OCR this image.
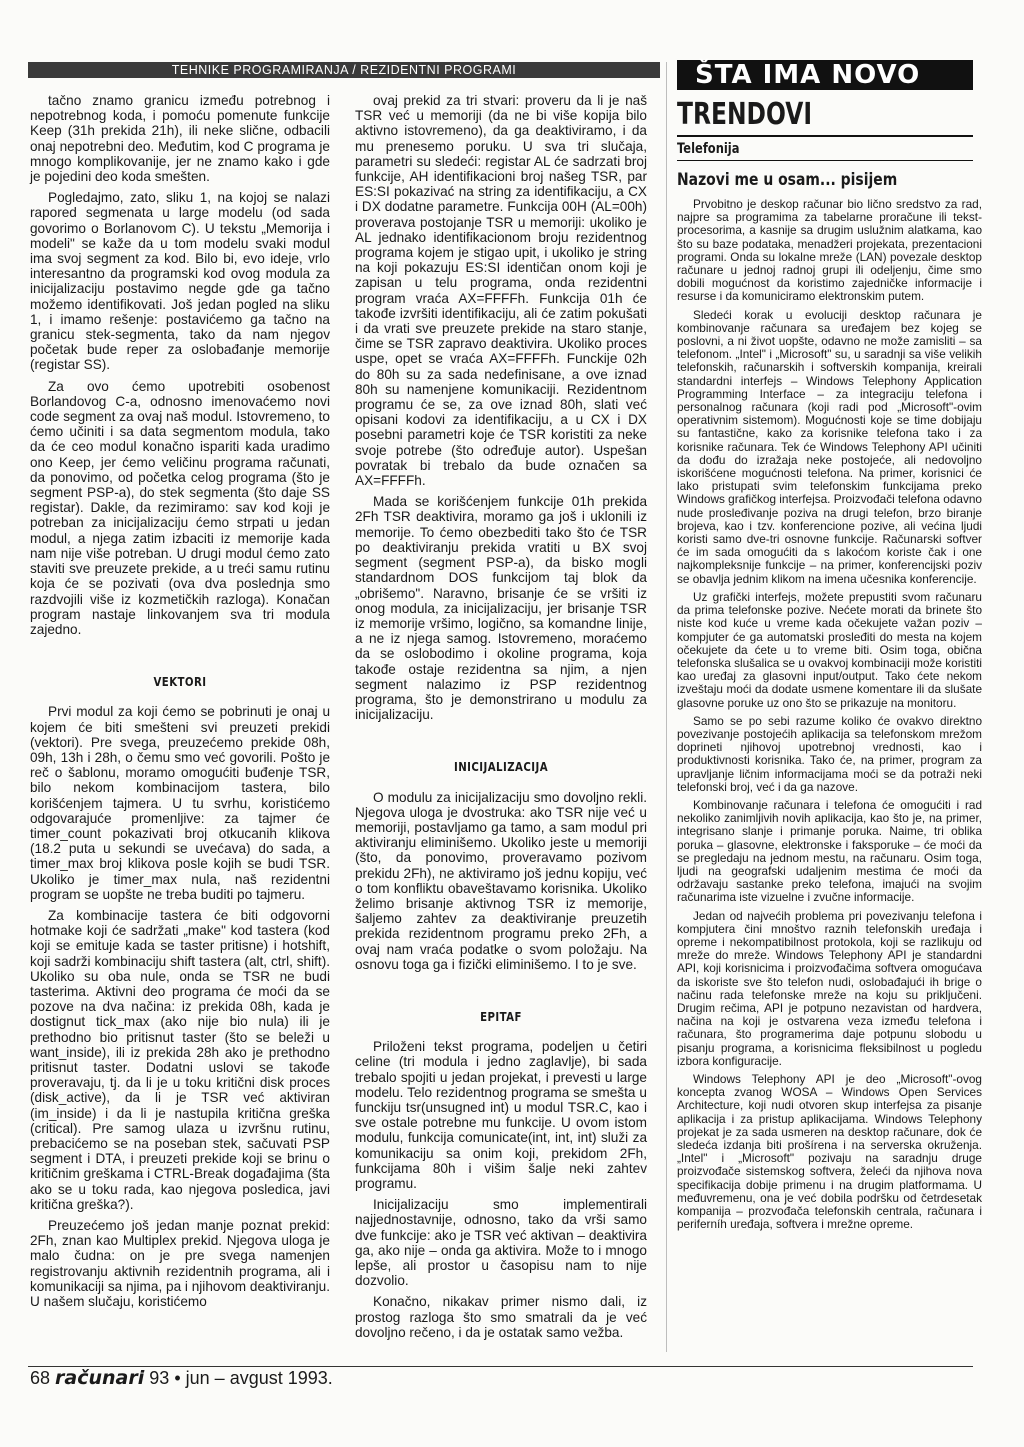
TEHNIKE PROGRAMIRANJA / REZIDENTNI PROGRAMI	ŠTA IMA NOVO

tačno znamo granicu između potrebnog i nepotrebnog koda, i pomoću pomenute funkcije Keep (31h prekida 21h), ili neke slične, odbacili onaj nepotrebni deo. Međutim, kod C programa je mnogo komplikovanije, jer ne znamo kako i gde je pojedini deo koda smešten.

Pogledajmo, zato, sliku 1, na kojoj se nalazi rapored segmenata u large modelu (od sada govorimo o Borlanovom C). U tekstu „Memorija i modeli" se kaže da u tom modelu svaki modul ima svoj segment za kod. Bilo bi, evo ideje, vrlo interesantno da programski kod ovog modula za inicijalizaciju postavimo negde gde ga tačno možemo identifikovati. Još jedan pogled na sliku 1, i imamo rešenje: postavićemo ga tačno na granicu stek-segmenta, tako da nam njegov početak bude reper za oslobađanje memorije (registar SS).

Za ovo ćemo upotrebiti osobenost Borlandovog C-a, odnosno imenovaćemo novi code segment za ovaj naš modul. Istovremeno, to ćemo učiniti i sa data segmentom modula, tako da će ceo modul konačno ispariti kada uradimo ono Keep, jer ćemo veličinu programa računati, da ponovimo, od početka celog programa (što je segment PSP-a), do stek segmenta (što daje SS registar). Dakle, da rezimiramo: sav kod koji je potreban za inicijalizaciju ćemo strpati u jedan modul, a njega zatim izbaciti iz memorije kada nam nije više potreban. U drugi modul ćemo zato staviti sve preuzete prekide, a u treći samu rutinu koja će se pozivati (ova dva poslednja smo razdvojili više iz kozmetičkih razloga). Konačan program nastaje linkovanjem sva tri modula zajedno.

VEKTORI

Prvi modul za koji ćemo se pobrinuti je onaj u kojem će biti smešteni svi preuzeti prekidi (vektori). Pre svega, preuzećemo prekide 08h, 09h, 13h i 28h, o čemu smo već govorili. Pošto je reč o šablonu, moramo omogućiti buđenje TSR, bilo nekom kombinacijom tastera, bilo korišćenjem tajmera. U tu svrhu, koristićemo odgovarajuće promenljive: za tajmer će timer_count pokazivati broj otkucanih klikova (18.2 puta u sekundi se uvećava) do sada, a timer_max broj klikova posle kojih se budi TSR. Ukoliko je timer_max nula, naš rezidentni program se uopšte ne treba buditi po tajmeru.

Za kombinacije tastera će biti odgovorni hotmake koji će sadržati „make" kod tastera (kod koji se emituje kada se taster pritisne) i hotshift, koji sadrži kombinaciju shift tastera (alt, ctrl, shift). Ukoliko su oba nule, onda se TSR ne budi tasterima. Aktivni deo programa će moći da se pozove na dva načina: iz prekida 08h, kada je dostignut tick_max (ako nije bio nula) ili je prethodno bio pritisnut taster (što se beleži u want_inside), ili iz prekida 28h ako je prethodno pritisnut taster. Dodatni uslovi se takođe proveravaju, tj. da li je u toku kritični disk proces (disk_active), da li je TSR već aktiviran (im_inside) i da li je nastupila kritična greška (critical). Pre samog ulaza u izvršnu rutinu, prebacićemo se na poseban stek, sačuvati PSP segment i DTA, i preuzeti prekide koji se brinu o kritičnim greškama i CTRL-Break događajima (šta ako se u toku rada, kao njegova posledica, javi kritična greška?).

Preuzećemo još jedan manje poznat prekid: 2Fh, znan kao Multiplex prekid. Njegova uloga je malo čudna: on je pre svega namenjen registrovanju aktivnih rezidentnih programa, ali i komunikaciji sa njima, pa i njihovom deaktiviranju. U našem slučaju, koristićemo

ovaj prekid za tri stvari: proveru da li je naš TSR već u memoriji (da ne bi više kopija bilo aktivno istovremeno), da ga deaktiviramo, i da mu prenesemo poruku. U sva tri slučaja, parametri su sledeći: registar AL će sadrzati broj funkcije, AH identifikacioni broj našeg TSR, par ES:SI pokazivać na string za identifikaciju, a CX i DX dodatne parametre. Funkcija 00H (AL=00h) proverava postojanje TSR u memoriji: ukoliko je AL jednako identifikacionom broju rezidentnog programa kojem je stigao upit, i ukoliko je string na koji pokazuju ES:SI identičan onom koji je zapisan u telu programa, onda rezidentni program vraća AX=FFFFh. Funkcija 01h će takođe izvršiti identifikaciju, ali će zatim pokušati i da vrati sve preuzete prekide na staro stanje, čime se TSR zapravo deaktivira. Ukoliko proces uspe, opet se vraća AX=FFFFh. Funckije 02h do 80h su za sada nedefinisane, a ove iznad 80h su namenjene komunikaciji. Rezidentnom programu će se, za ove iznad 80h, slati već opisani kodovi za identifikaciju, a u CX i DX posebni parametri koje će TSR koristiti za neke svoje potrebe (što određuje autor). Uspešan povratak bi trebalo da bude označen sa AX=FFFFh.

Mada se korišćenjem funkcije 01h prekida 2Fh TSR deaktivira, moramo ga još i uklonili iz memorije. To ćemo obezbediti tako što će TSR po deaktiviranju prekida vratiti u BX svoj segment (segment PSP-a), da bisko mogli standardnom DOS funkcijom taj blok da „obrišemo". Naravno, brisanje će se vršiti iz onog modula, za inicijalizaciju, jer brisanje TSR iz memorije vršimo, logično, sa komandne linije, a ne iz njega samog. Istovremeno, moraćemo da se oslobodimo i okoline programa, koja takođe ostaje rezidentna sa njim, a njen segment nalazimo iz PSP rezidentnog programa, što je demonstrirano u modulu za inicijalizaciju.

INICIJALIZACIJA

O modulu za inicijalizaciju smo dovoljno rekli. Njegova uloga je dvostruka: ako TSR nije već u memoriji, postavljamo ga tamo, a sam modul pri aktiviranju eliminišemo. Ukoliko jeste u memoriji (što, da ponovimo, proveravamo pozivom prekidu 2Fh), ne aktiviramo još jednu kopiju, već o tom konfliktu obaveštavamo korisnika. Ukoliko želimo brisanje aktivnog TSR iz memorije, šaljemo zahtev za deaktiviranje preuzetih prekida rezidentnom programu preko 2Fh, a ovaj nam vraća podatke o svom položaju. Na osnovu toga ga i fizički eliminišemo. I to je sve.

EPITAF

Priloženi tekst programa, podeljen u četiri celine (tri modula i jedno zaglavlje), bi sada trebalo spojiti u jedan projekat, i prevesti u large modelu. Telo rezidentnog programa se smešta u funckiju tsr(unsugned int) u modul TSR.C, kao i sve ostale potrebne mu funkcije. U ovom istom modulu, funkcija comunicate(int, int, int) služi za komunikaciju sa onim koji, prekidom 2Fh, funkcijama 80h i višim šalje neki zahtev programu.

Inicijalizaciju smo implementirali najjednostavnije, odnosno, tako da vrši samo dve funkcije: ako je TSR već aktivan – deaktivira ga, ako nije – onda ga aktivira. Može to i mnogo lepše, ali prostor u časopisu nam to nije dozvolio.

Konačno, nikakav primer nismo dali, iz prostog razloga što smo smatrali da je već dovoljno rečeno, i da je ostatak samo vežba.

TRENDOVI
Telefonija
Nazovi me u osam... pisijem

Prvobitno je deskop računar bio lično sredstvo za rad, najpre sa programima za tabelarne proračune ili tekst-procesorima, a kasnije sa drugim uslužnim alatkama, kao što su baze podataka, menadžeri projekata, prezentacioni programi. Onda su lokalne mreže (LAN) povezale desktop računare u jednoj radnoj grupi ili odeljenju, čime smo dobili mogućnost da koristimo zajedničke informacije i resurse i da komuniciramo elektronskim putem.

Sledeći korak u evoluciji desktop računara je kombinovanje računara sa uređajem bez kojeg se poslovni, a ni život uopšte, odavno ne može zamisliti – sa telefonom. „Intel" i „Microsoft" su, u saradnji sa više velikih telefonskih, računarskih i softverskih kompanija, kreirali standardni interfejs – Windows Telephony Application Programming Interface – za integraciju telefona i personalnog računara (koji radi pod „Microsoft"-ovim operativnim sistemom). Mogućnosti koje se time dobijaju su fantastične, kako za korisnike telefona tako i za korisnike računara. Tek će Windows Telephony API učiniti da dođu do izražaja neke postojeće, ali nedovoljno iskorišćene mogućnosti telefona. Na primer, korisnici će lako pristupati svim telefonskim funkcijama preko Windows grafičkog interfejsa. Proizvođači telefona odavno nude prosleđivanje poziva na drugi telefon, brzo biranje brojeva, kao i tzv. konferencione pozive, ali većina ljudi koristi samo dve-tri osnovne funkcije. Računarski softver će im sada omogućiti da s lakoćom koriste čak i one najkompleksnije funkcije – na primer, konferencijski poziv se obavlja jednim klikom na imena učesnika konferencije.

Uz grafički interfejs, možete prepustiti svom računaru da prima telefonske pozive. Nećete morati da brinete što niste kod kuće u vreme kada očekujete važan poziv – kompjuter će ga automatski prosleđiti do mesta na kojem očekujete da ćete u to vreme biti. Osim toga, obična telefonska slušalica se u ovakvoj kombinaciji može koristiti kao uređaj za glasovni input/output. Tako ćete nekom izveštaju moći da dodate usmene komentare ili da slušate glasovne poruke uz ono što se prikazuje na monitoru.

Samo se po sebi razume koliko će ovakvo direktno povezivanje postojećih aplikacija sa telefonskom mrežom doprineti njihovoj upotrebnoj vrednosti, kao i produktivnosti korisnika. Tako će, na primer, program za upravljanje ličnim informacijama moći se da potraži neki telefonski broj, već i da ga nazove.

Kombinovanje računara i telefona će omogućiti i rad nekoliko zanimljivih novih aplikacija, kao što je, na primer, integrisano slanje i primanje poruka. Naime, tri oblika poruka – glasovne, elektronske i faksporuke – će moći da se pregledaju na jednom mestu, na računaru. Osim toga, ljudi na geografski udaljenim mestima će moći da održavaju sastanke preko telefona, imajući na svojim računarima iste vizuelne i zvučne informacije.

Jedan od najvećih problema pri povezivanju telefona i kompjutera čini mnoštvo raznih telefonskih uređaja i opreme i nekompatibilnost protokola, koji se razlikuju od mreže do mreže. Windows Telephony API je standardni API, koji korisnicima i proizvođačima softvera omogućava da iskoriste sve što telefon nudi, oslobađajući ih brige o načinu rada telefonske mreže na koju su priključeni. Drugim rečima, API je potpuno nezavistan od hardvera, načina na koji je ostvarena veza između telefona i računara, što programerima daje potpunu slobodu u pisanju programa, a korisnicima fleksibilnost u pogledu izbora konfiguracije.

Windows Telephony API je deo „Microsoft"-ovog koncepta zvanog WOSA – Windows Open Services Architecture, koji nudi otvoren skup interfejsa za pisanje aplikacija i za pristup aplikacijama. Windows Telephony projekat je za sada usmeren na desktop računare, dok će sledeća izdanja biti prošírena i na serverska okruženja. „Intel" i „Microsoft" pozivaju na saradnju druge proizvođače sistemskog softvera, želeći da njihova nova specifikacija dobije primenu i na drugim platformama. U međuvremenu, ona je već dobila podršku od četrdesetak kompanija – prozvođača telefonskih centrala, računara i periferníh uređaja, softvera i mrežne opreme.

68 računari 93 • jun – avgust 1993.
